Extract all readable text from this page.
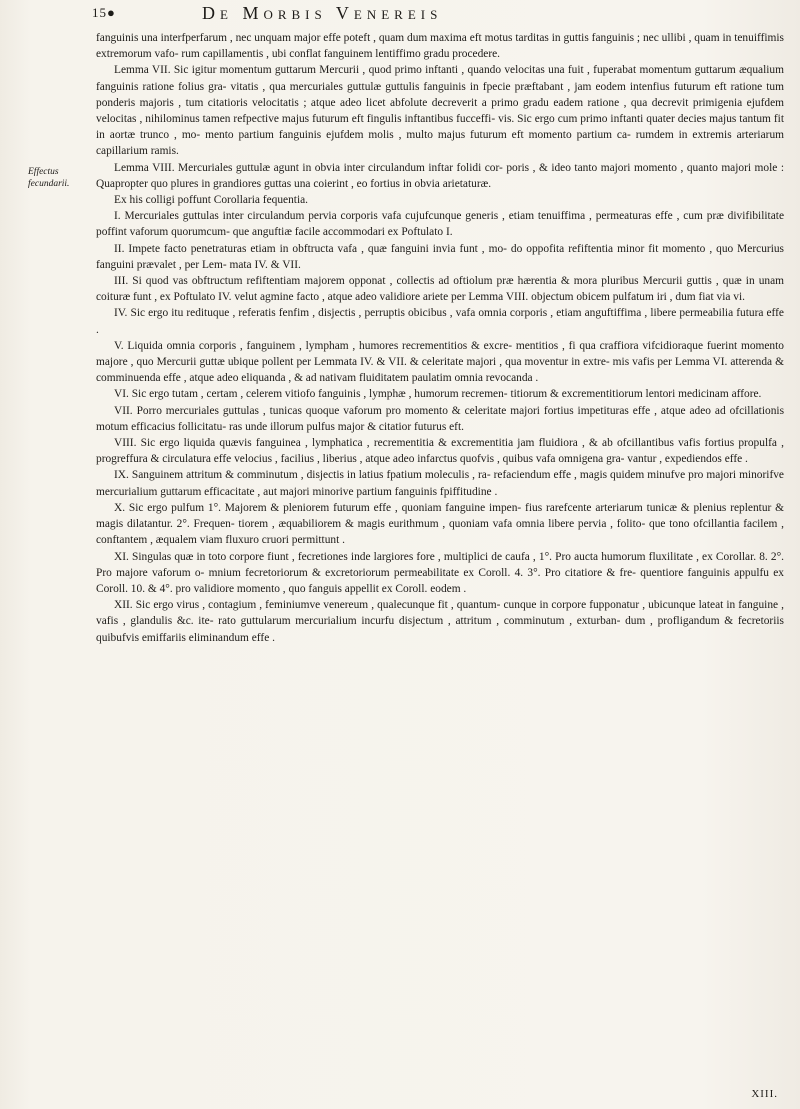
15●	De Morbis Venereis
Effectus fecundarii.

fanguinis una interfperfarum , nec unquam major effe poteft , quam dum maxima eft motus tarditas in guttis fanguinis ; nec ullibi , quam in tenuiffimis extremorum vafo- rum capillamentis , ubi conflat fanguinem lentiffimo gradu procedere.

Lemma VII. Sic igitur momentum guttarum Mercurii , quod primo inftanti , quando velocitas una fuit , fuperabat momentum guttarum æqualium fanguinis ratione folius gra- vitatis , qua mercuriales guttulæ guttulis fanguinis in fpecie præftabant , jam eodem intenfius futurum eft ratione tum ponderis majoris , tum citatioris velocitatis ; atque adeo licet abfolute decreverit a primo gradu eadem ratione , qua decrevit primigenia ejufdem velocitas , nihilominus tamen refpective majus futurum eft fingulis inftantibus fucceffi- vis. Sic ergo cum primo inftanti quater decies majus tantum fit in aortæ trunco , mo- mento partium fanguinis ejufdem molis , multo majus futurum eft momento partium ca- rumdem in extremis arteriarum capillarium ramis.

Lemma VIII. Mercuriales guttulæ agunt in obvia inter circulandum inftar folidi cor- poris , & ideo tanto majori momento , quanto majori mole : Quapropter quo plures in grandiores guttas una coierint , eo fortius in obvia arietaturæ.

Ex his colligi poffunt Corollaria fequentia.

I. Mercuriales guttulas inter circulandum pervia corporis vafa cujufcunque generis , etiam tenuiffima , permeaturas effe , cum præ divifibilitate poffint vaforum quorumcum- que anguftiæ facile accommodari ex Poftulato I.

II. Impete facto penetraturas etiam in obftructa vafa , quæ fanguini invia funt , mo- do oppofita refiftentia minor fit momento , quo Mercurius fanguini prævalet , per Lem- mata IV. & VII.

III. Si quod vas obftructum refiftentiam majorem opponat , collectis ad oftiolum præ hærentia & mora pluribus Mercurii guttis , quæ in unam coituræ funt , ex Poftulato IV. velut agmine facto , atque adeo validiore ariete per Lemma VIII. objectum obicem pulfatum iri , dum fiat via vi.

IV. Sic ergo itu redituque , referatis fenfim , disjectis , perruptis obicibus , vafa omnia corporis , etiam anguftiffima , libere permeabilia futura effe .

V. Liquida omnia corporis , fanguinem , lympham , humores recrementitios & excre- mentitios , fi qua craffiora vifcidioraque fuerint momento majore , quo Mercurii guttæ ubique pollent per Lemmata IV. & VII. & celeritate majori , qua moventur in extre- mis vafis per Lemma VI. atterenda & comminuenda effe , atque adeo eliquanda , & ad nativam fluiditatem paulatim omnia revocanda .

VI. Sic ergo tutam , certam , celerem vitiofo fanguinis , lymphæ , humorum recremen- titiorum & excrementitiorum lentori medicinam affore.

VII. Porro mercuriales guttulas , tunicas quoque vaforum pro momento & celeritate majori fortius impetituras effe , atque adeo ad ofcillationis motum efficacius follicitatu- ras unde illorum pulfus major & citatior futurus eft.

VIII. Sic ergo liquida quævis fanguinea , lymphatica , recrementitia & excrementitia jam fluidiora , & ab ofcillantibus vafis fortius propulfa , progreffura & circulatura effe velocius , facilius , liberius , atque adeo infarctus quofvis , quibus vafa omnigena gra- vantur , expediendos effe .

IX. Sanguinem attritum & comminutum , disjectis in latius fpatium moleculis , ra- refaciendum effe , magis quidem minufve pro majori minorifve mercurialium guttarum efficacitate , aut majori minorive partium fanguinis fpiffitudine .

X. Sic ergo pulfum 1°. Majorem & pleniorem futurum effe , quoniam fanguine impen- fius rarefcente arteriarum tunicæ & plenius replentur & magis dilatantur. 2°. Frequen- tiorem , æquabiliorem & magis eurithmum , quoniam vafa omnia libere pervia , folito- que tono ofcillantia facilem , conftantem , æqualem viam fluxuro cruori permittunt .

XI. Singulas quæ in toto corpore fiunt , fecretiones inde largiores fore , multiplici de caufa , 1°. Pro aucta humorum fluxilitate , ex Corollar. 8. 2°. Pro majore vaforum o- mnium fecretoriorum & excretoriorum permeabilitate ex Coroll. 4. 3°. Pro citatiore & fre- quentiore fanguinis appulfu ex Coroll. 10. & 4°. pro validiore momento , quo fanguis appellit ex Coroll. eodem .

XII. Sic ergo virus , contagium , feminiumve venereum , qualecunque fit , quantum- cunque in corpore fupponatur , ubicunque lateat in fanguine , vafis , glandulis &c. ite- rato guttularum mercurialium incurfu disjectum , attritum , comminutum , exturban- dum , profligandum & fecretoriis quibufvis emiffariis eliminandum effe .

XIII.
